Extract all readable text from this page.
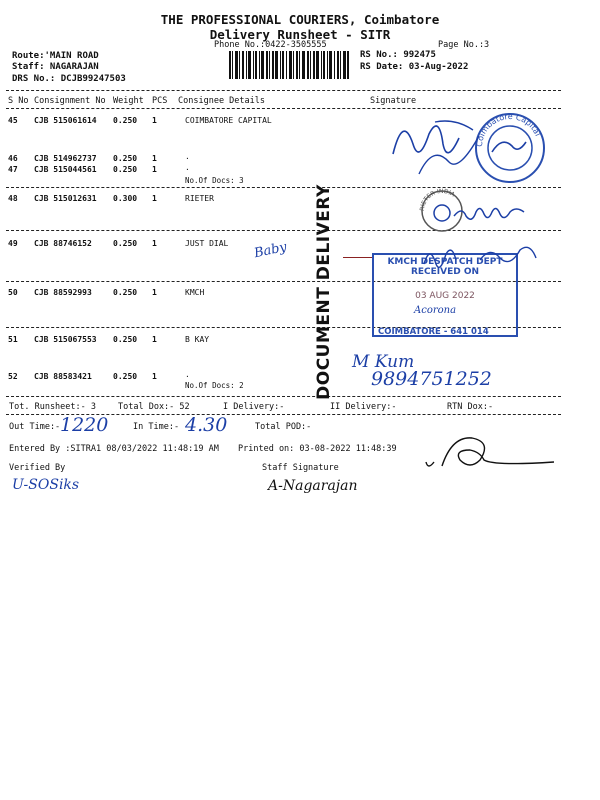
THE PROFESSIONAL COURIERS, Coimbatore
Delivery Runsheet - SITR
Phone No.:0422-3505555	Page No.:3
Route:'MAIN ROAD
Staff: NAGARAJAN
DRS No.: DCJB99247503
RS No.: 992475
RS Date: 03-Aug-2022
S No Consignment No Weight PCS Consignee Details	Signature
45 CJB 515061614 0.250 1	COIMBATORE CAPITAL
46 CJB 514962737 0.250 1	.
47 CJB 515044561 0.250 1	.
No.Of Docs: 3
48 CJB 515012631 0.300 1	RIETER
49 CJB 88746152	0.250 1	JUST DIAL
50 CJB 88592993	0.250 1	KMCH
51 CJB 515067553 0.250 1	B KAY
52 CJB 88583421	0.250 1	.
No.Of Docs: 2	DOCUMENT DELIVERY
Coimbatore Capital
RIETER INDIA
Baby
KMCH DESPATCH DEPT
RECEIVED ON
03 AUG 2022
Acorona
COIMBATORE - 641 014
M Kum
9894751252
Tot. Runsheet:- 3	Total Dox:- 52	I Delivery:-	II Delivery:-	RTN Dox:-
Out Time:- 1220	In Time:- 4.30	Total POD:-
Entered By :SITRA1 08/03/2022 11:48:19 AM Printed on: 03-08-2022 11:48:39
Verified By	Staff Signature
U-SOSiks	A-Nagarajan
